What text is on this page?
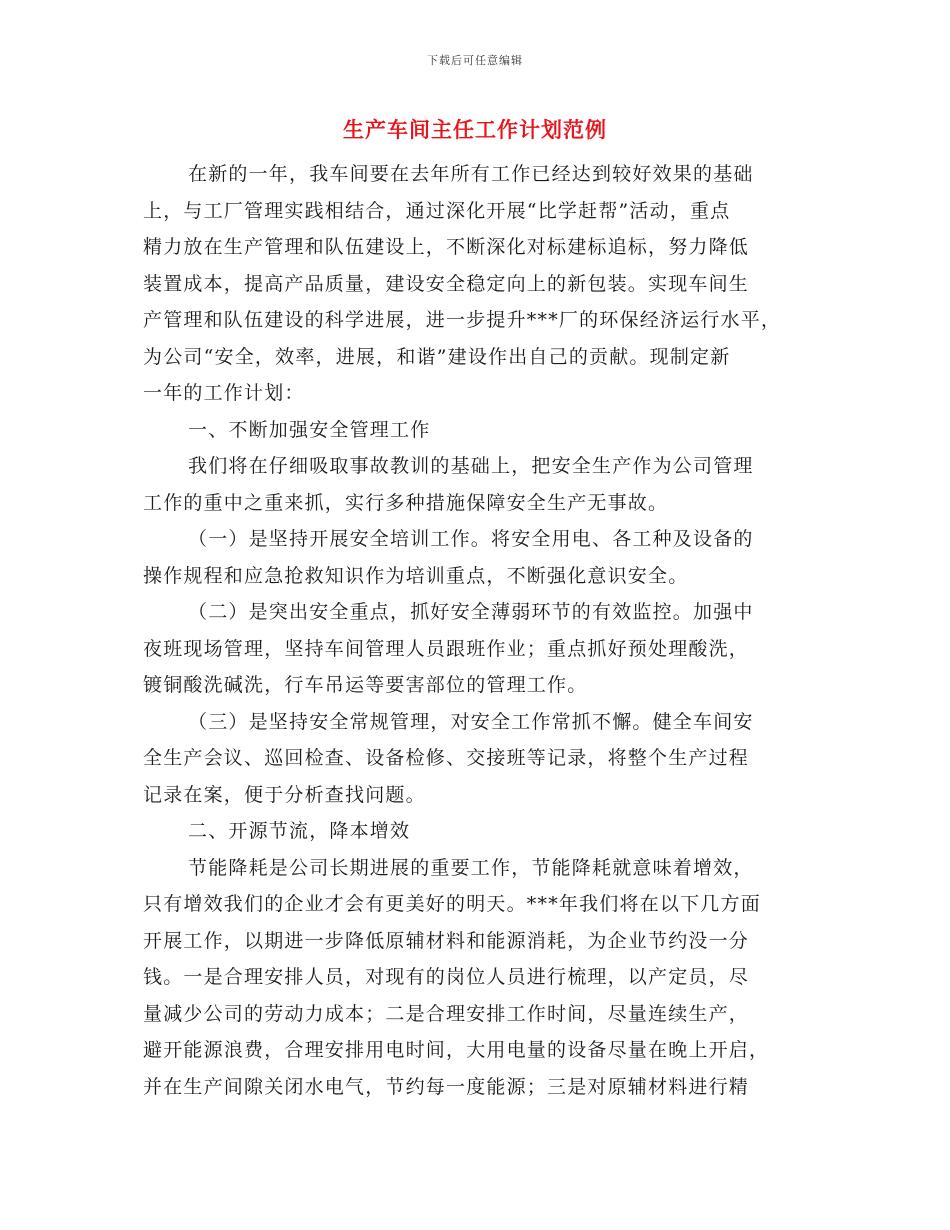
下载后可任意编辑
生产车间主任工作计划范例
在新的一年，我车间要在去年所有工作已经达到较好效果的基础
上，与工厂管理实践相结合，通过深化开展“比学赶帮”活动，重点
精力放在生产管理和队伍建设上，不断深化对标建标追标，努力降低
装置成本，提高产品质量，建设安全稳定向上的新包装。实现车间生
产管理和队伍建设的科学进展，进一步提升***厂的环保经济运行水平，
为公司“安全，效率，进展，和谐”建设作出自己的贡献。现制定新
一年的工作计划：
一、不断加强安全管理工作
我们将在仔细吸取事故教训的基础上，把安全生产作为公司管理
工作的重中之重来抓，实行多种措施保障安全生产无事故。
（一）是坚持开展安全培训工作。将安全用电、各工种及设备的
操作规程和应急抢救知识作为培训重点，不断强化意识安全。
（二）是突出安全重点，抓好安全薄弱环节的有效监控。加强中
夜班现场管理，坚持车间管理人员跟班作业；重点抓好预处理酸洗，
镀铜酸洗碱洗，行车吊运等要害部位的管理工作。
（三）是坚持安全常规管理，对安全工作常抓不懈。健全车间安
全生产会议、巡回检查、设备检修、交接班等记录，将整个生产过程
记录在案，便于分析查找问题。
二、开源节流，降本增效
节能降耗是公司长期进展的重要工作，节能降耗就意味着增效，
只有增效我们的企业才会有更美好的明天。***年我们将在以下几方面
开展工作，以期进一步降低原辅材料和能源消耗，为企业节约没一分
钱。一是合理安排人员，对现有的岗位人员进行梳理，以产定员，尽
量减少公司的劳动力成本；二是合理安排工作时间，尽量连续生产，
避开能源浪费，合理安排用电时间，大用电量的设备尽量在晚上开启，
并在生产间隙关闭水电气，节约每一度能源；三是对原辅材料进行精
